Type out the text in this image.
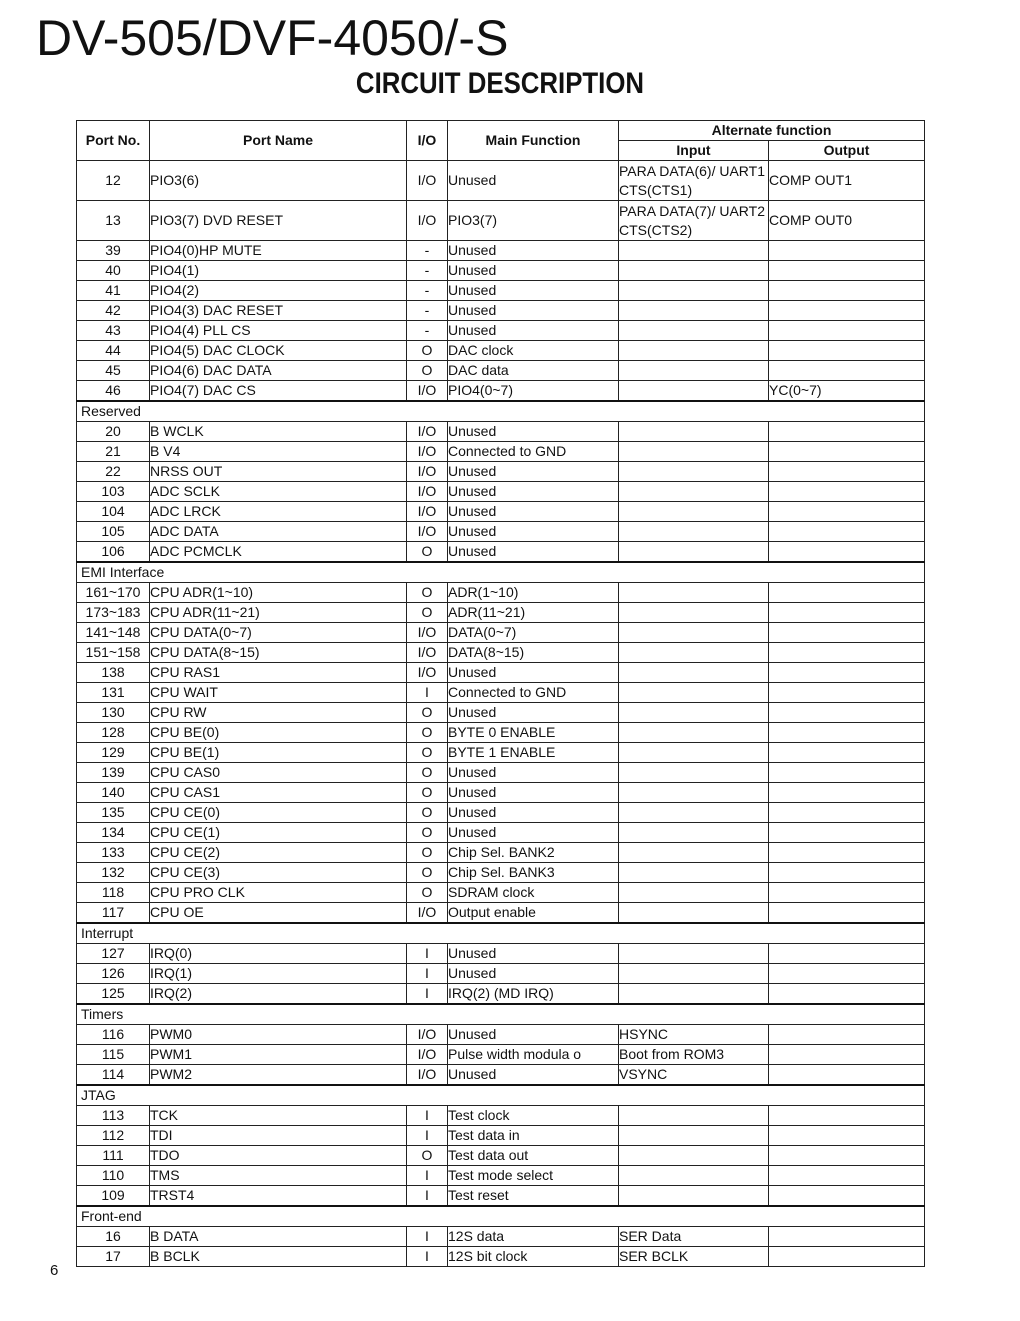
DV-505/DVF-4050/-S
CIRCUIT DESCRIPTION
Port No.	Port Name	I/O	Main Function	Alternate function	
				Input	Output
12	PIO3(6)	I/O	Unused	PARA DATA(6)/ UART1 CTS(CTS1)	COMP OUT1
13	PIO3(7) DVD RESET	I/O	PIO3(7)	PARA DATA(7)/ UART2 CTS(CTS2)	COMP OUT0
39	PIO4(0)HP MUTE	-	Unused		
40	PIO4(1)	-	Unused		
41	PIO4(2)	-	Unused		
42	PIO4(3) DAC RESET	-	Unused		
43	PIO4(4) PLL CS	-	Unused		
44	PIO4(5) DAC CLOCK	O	DAC clock		
45	PIO4(6) DAC DATA	O	DAC data		
46	PIO4(7) DAC CS	I/O	PIO4(0~7)		YC(0~7)
Reserved					
20	B WCLK	I/O	Unused		
21	B V4	I/O	Connected to GND		
22	NRSS OUT	I/O	Unused		
103	ADC SCLK	I/O	Unused		
104	ADC LRCK	I/O	Unused		
105	ADC DATA	I/O	Unused		
106	ADC PCMCLK	O	Unused		
EMI Interface					
161~170	CPU ADR(1~10)	O	ADR(1~10)		
173~183	CPU ADR(11~21)	O	ADR(11~21)		
141~148	CPU DATA(0~7)	I/O	DATA(0~7)		
151~158	CPU DATA(8~15)	I/O	DATA(8~15)		
138	CPU RAS1	I/O	Unused		
131	CPU WAIT	I	Connected to GND		
130	CPU RW	O	Unused		
128	CPU BE(0)	O	BYTE 0 ENABLE		
129	CPU BE(1)	O	BYTE 1 ENABLE		
139	CPU CAS0	O	Unused		
140	CPU CAS1	O	Unused		
135	CPU CE(0)	O	Unused		
134	CPU CE(1)	O	Unused		
133	CPU CE(2)	O	Chip Sel. BANK2		
132	CPU CE(3)	O	Chip Sel. BANK3		
118	CPU PRO CLK	O	SDRAM clock		
117	CPU OE	I/O	Output enable		
Interrupt					
127	IRQ(0)	I	Unused		
126	IRQ(1)	I	Unused		
125	IRQ(2)	I	IRQ(2) (MD IRQ)		
Timers					
116	PWM0	I/O	Unused	HSYNC	
115	PWM1	I/O	Pulse width modula o	Boot from ROM3	
114	PWM2	I/O	Unused	VSYNC	
JTAG					
113	TCK	I	Test clock		
112	TDI	I	Test data in		
111	TDO	O	Test data out		
110	TMS	I	Test mode select		
109	TRST4	I	Test reset		
Front-end					
16	B DATA	I	12S data	SER Data	
17	B BCLK	I	12S bit clock	SER BCLK	
6
